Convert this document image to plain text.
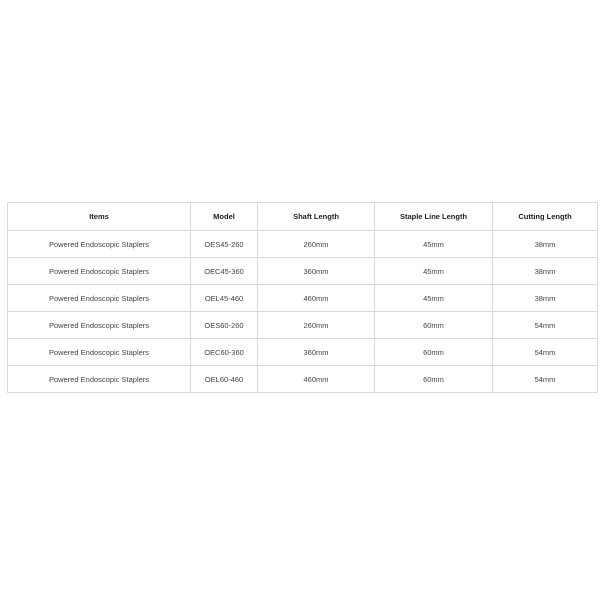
Items	Model	Shaft Length	Staple Line Length	Cutting Length
Powered Endoscopic Staplers	OES45-260	260mm	45mm	38mm
Powered Endoscopic Staplers	OEC45-360	360mm	45mm	38mm
Powered Endoscopic Staplers	OEL45-460	460mm	45mm	38mm
Powered Endoscopic Staplers	OES60-260	260mm	60mm	54mm
Powered Endoscopic Staplers	OEC60-360	360mm	60mm	54mm
Powered Endoscopic Staplers	OEL60-460	460mm	60mm	54mm
